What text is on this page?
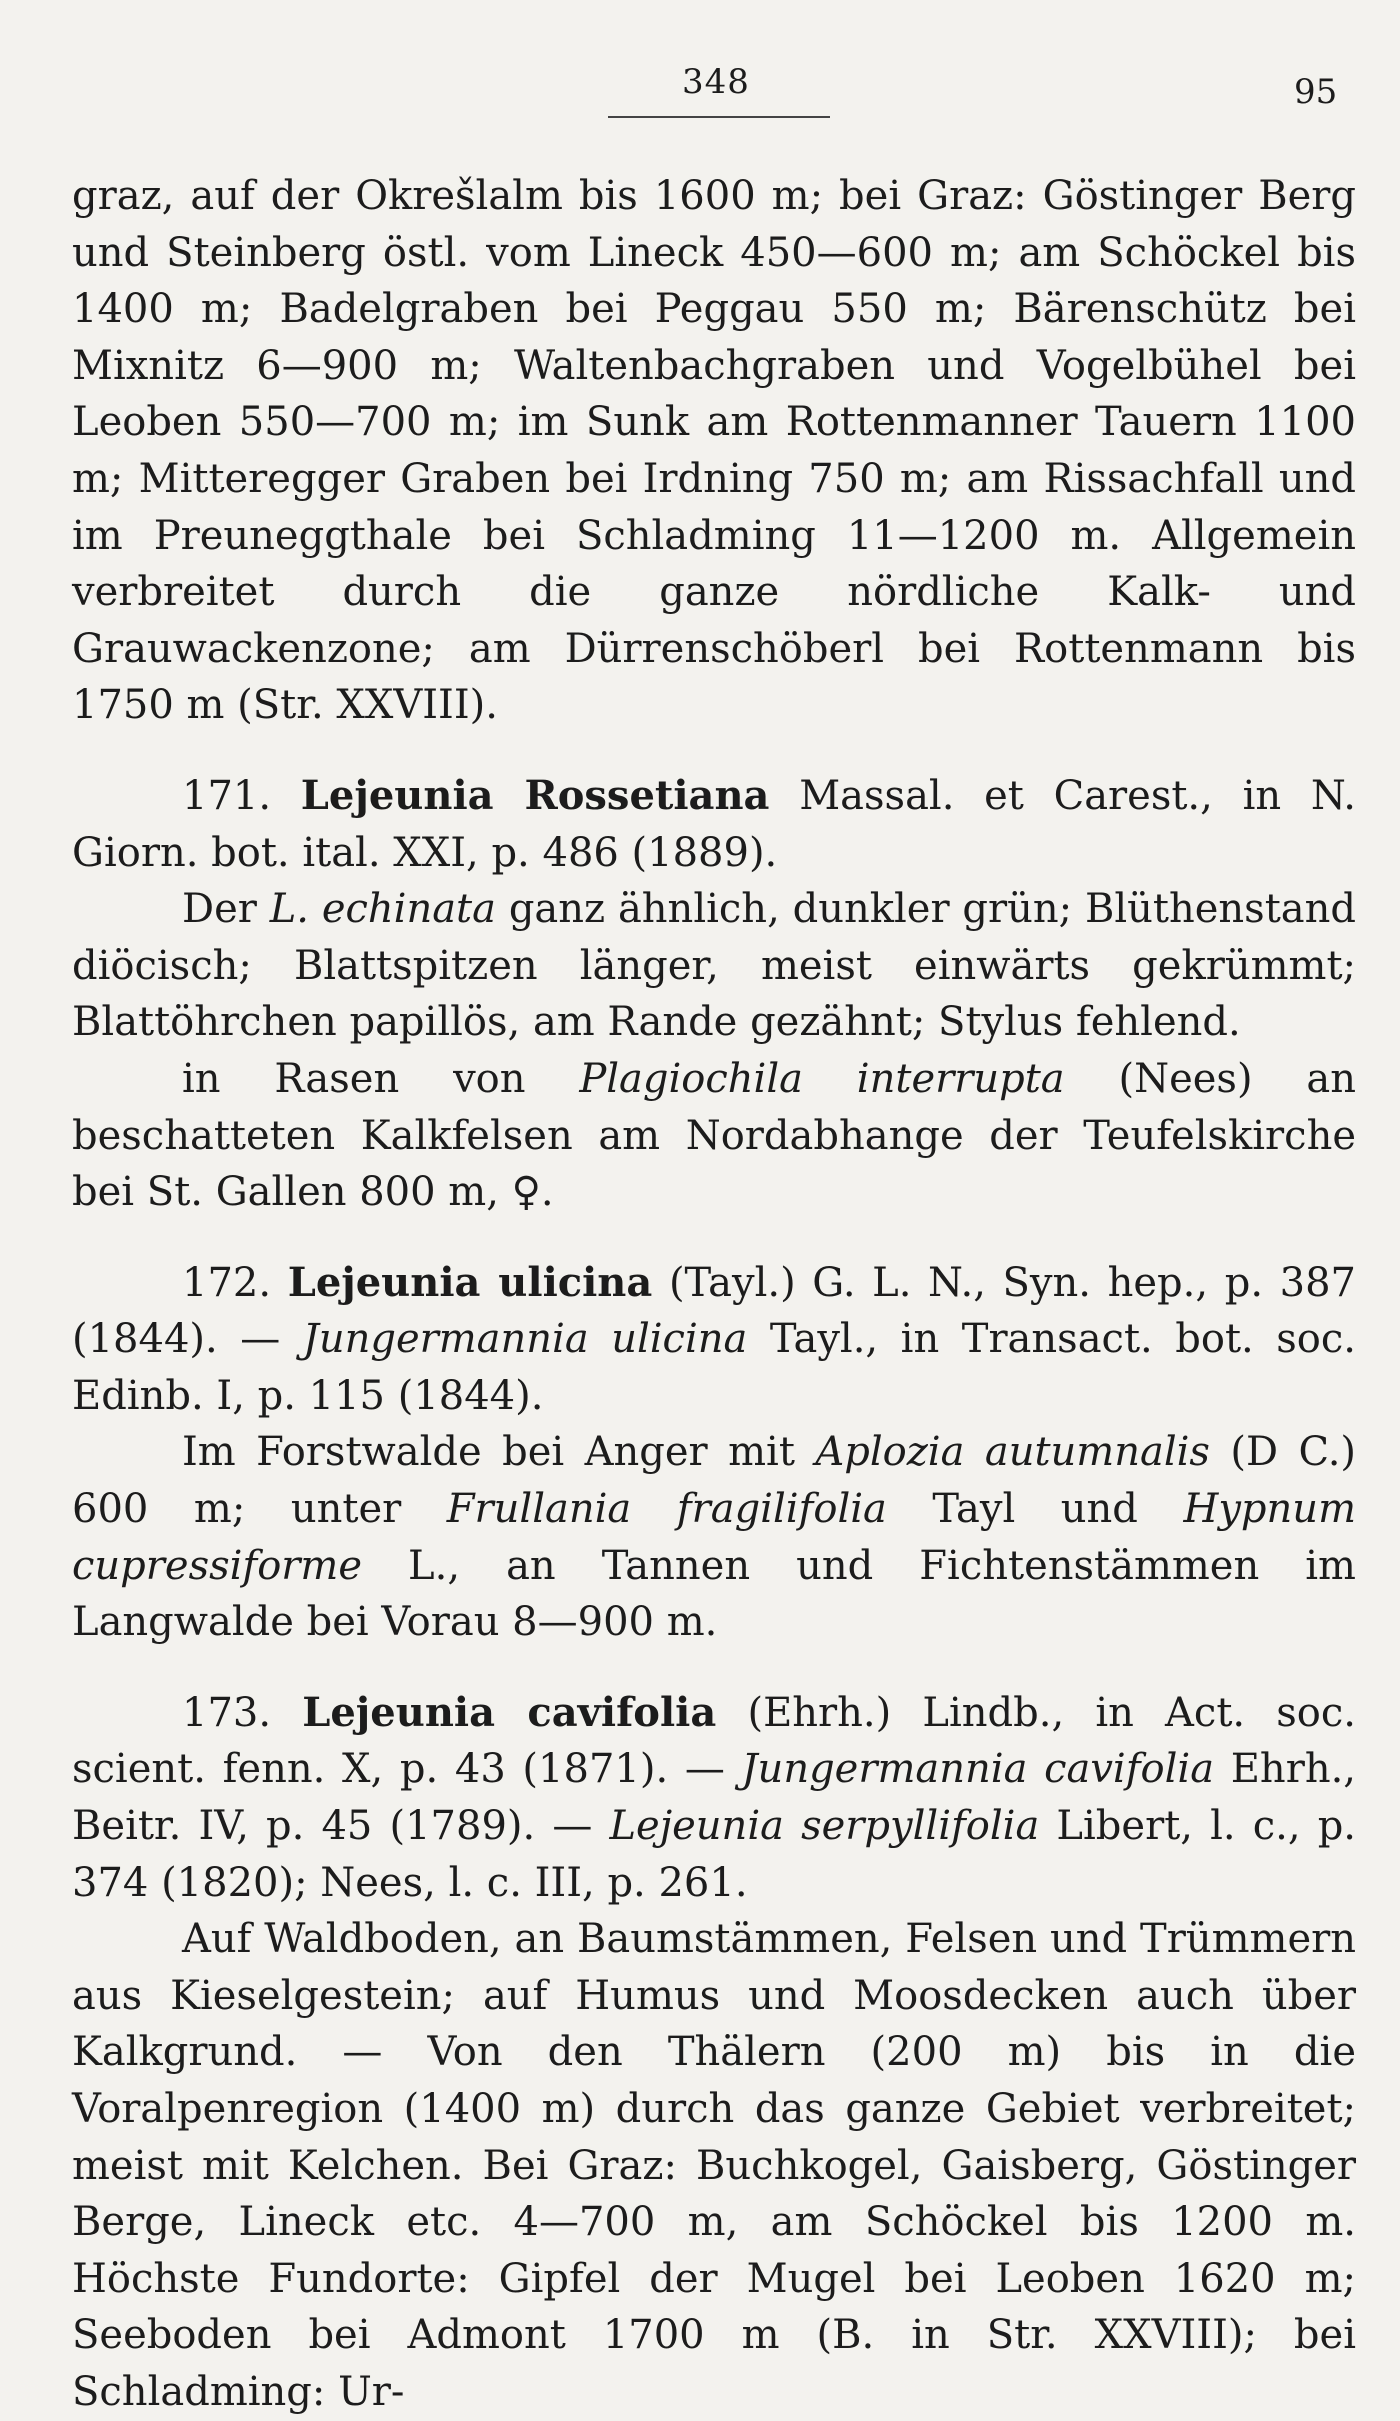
348	95

graz, auf der Okrešlalm bis 1600 m; bei Graz: Göstinger Berg und Steinberg östl. vom Lineck 450—600 m; am Schöckel bis 1400 m; Badelgraben bei Peggau 550 m; Bärenschütz bei Mixnitz 6—900 m; Waltenbachgraben und Vogelbühel bei Leoben 550—700 m; im Sunk am Rottenmanner Tauern 1100 m; Mitteregger Graben bei Irdning 750 m; am Rissachfall und im Preuneggthale bei Schladming 11—1200 m. Allgemein verbreitet durch die ganze nördliche Kalk- und Grauwackenzone; am Dürrenschöberl bei Rottenmann bis 1750 m (Str. XXVIII).

171. Lejeunia Rossetiana Massal. et Carest., in N. Giorn. bot. ital. XXI, p. 486 (1889).

Der L. echinata ganz ähnlich, dunkler grün; Blüthenstand diöcisch; Blattspitzen länger, meist einwärts gekrümmt; Blattöhrchen papillös, am Rande gezähnt; Stylus fehlend.

in Rasen von Plagiochila interrupta (Nees) an beschatteten Kalkfelsen am Nordabhange der Teufelskirche bei St. Gallen 800 m, ♀.

172. Lejeunia ulicina (Tayl.) G. L. N., Syn. hep., p. 387 (1844). — Jungermannia ulicina Tayl., in Transact. bot. soc. Edinb. I, p. 115 (1844).

Im Forstwalde bei Anger mit Aplozia autumnalis (D C.) 600 m; unter Frullania fragilifolia Tayl und Hypnum cupressiforme L., an Tannen und Fichtenstämmen im Langwalde bei Vorau 8—900 m.

173. Lejeunia cavifolia (Ehrh.) Lindb., in Act. soc. scient. fenn. X, p. 43 (1871). — Jungermannia cavifolia Ehrh., Beitr. IV, p. 45 (1789). — Lejeunia serpyllifolia Libert, l. c., p. 374 (1820); Nees, l. c. III, p. 261.

Auf Waldboden, an Baumstämmen, Felsen und Trümmern aus Kieselgestein; auf Humus und Moosdecken auch über Kalkgrund. — Von den Thälern (200 m) bis in die Voralpenregion (1400 m) durch das ganze Gebiet verbreitet; meist mit Kelchen. Bei Graz: Buchkogel, Gaisberg, Göstinger Berge, Lineck etc. 4—700 m, am Schöckel bis 1200 m. Höchste Fundorte: Gipfel der Mugel bei Leoben 1620 m; Seeboden bei Admont 1700 m (B. in Str. XXVIII); bei Schladming: Ur-
